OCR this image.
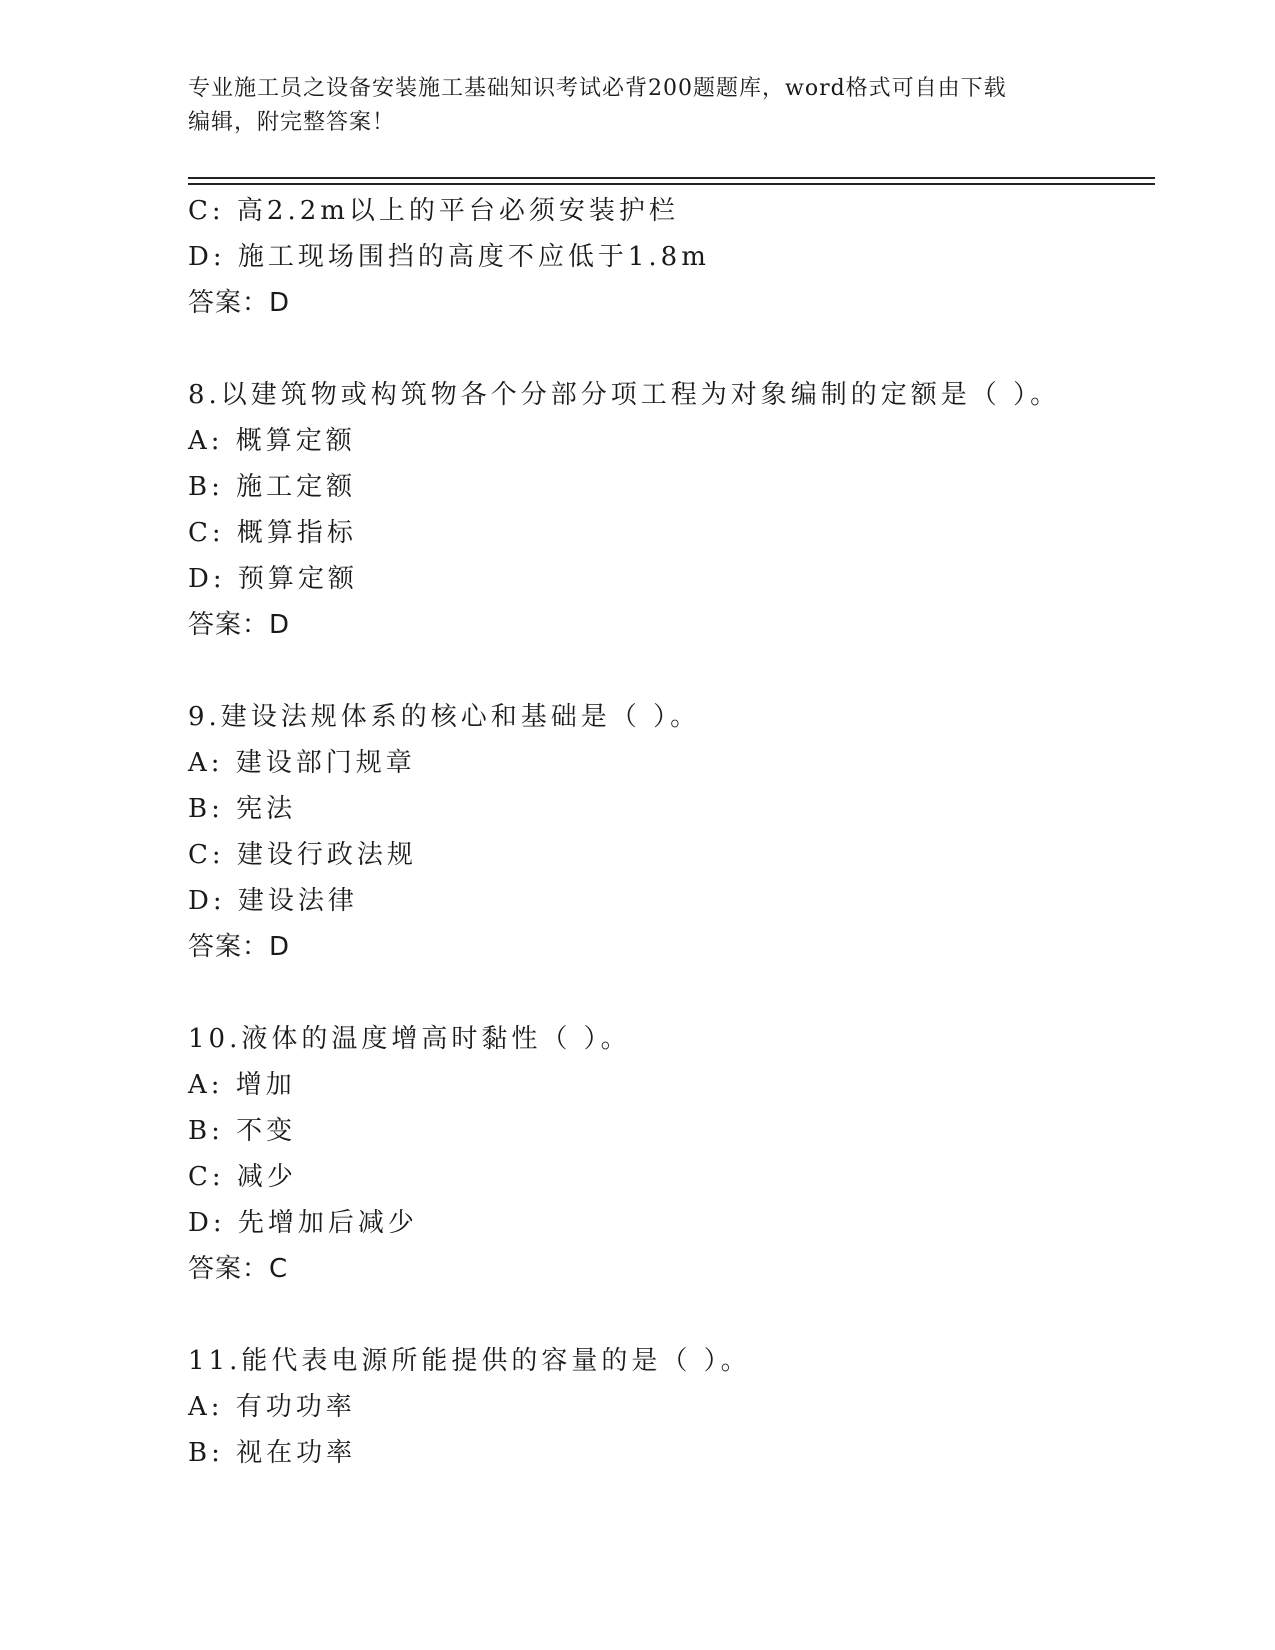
专业施工员之设备安装施工基础知识考试必背200题题库，word格式可自由下载
编辑，附完整答案！
C: 高2.2m以上的平台必须安装护栏
D: 施工现场围挡的高度不应低于1.8m
答案：D
8.以建筑物或构筑物各个分部分项工程为对象编制的定额是（ ）。
A: 概算定额
B: 施工定额
C: 概算指标
D: 预算定额
答案：D
9.建设法规体系的核心和基础是（ ）。
A: 建设部门规章
B: 宪法
C: 建设行政法规
D: 建设法律
答案：D
10.液体的温度增高时黏性（ ）。
A: 增加
B: 不变
C: 减少
D: 先增加后减少
答案：C
11.能代表电源所能提供的容量的是（ ）。
A: 有功功率
B: 视在功率
